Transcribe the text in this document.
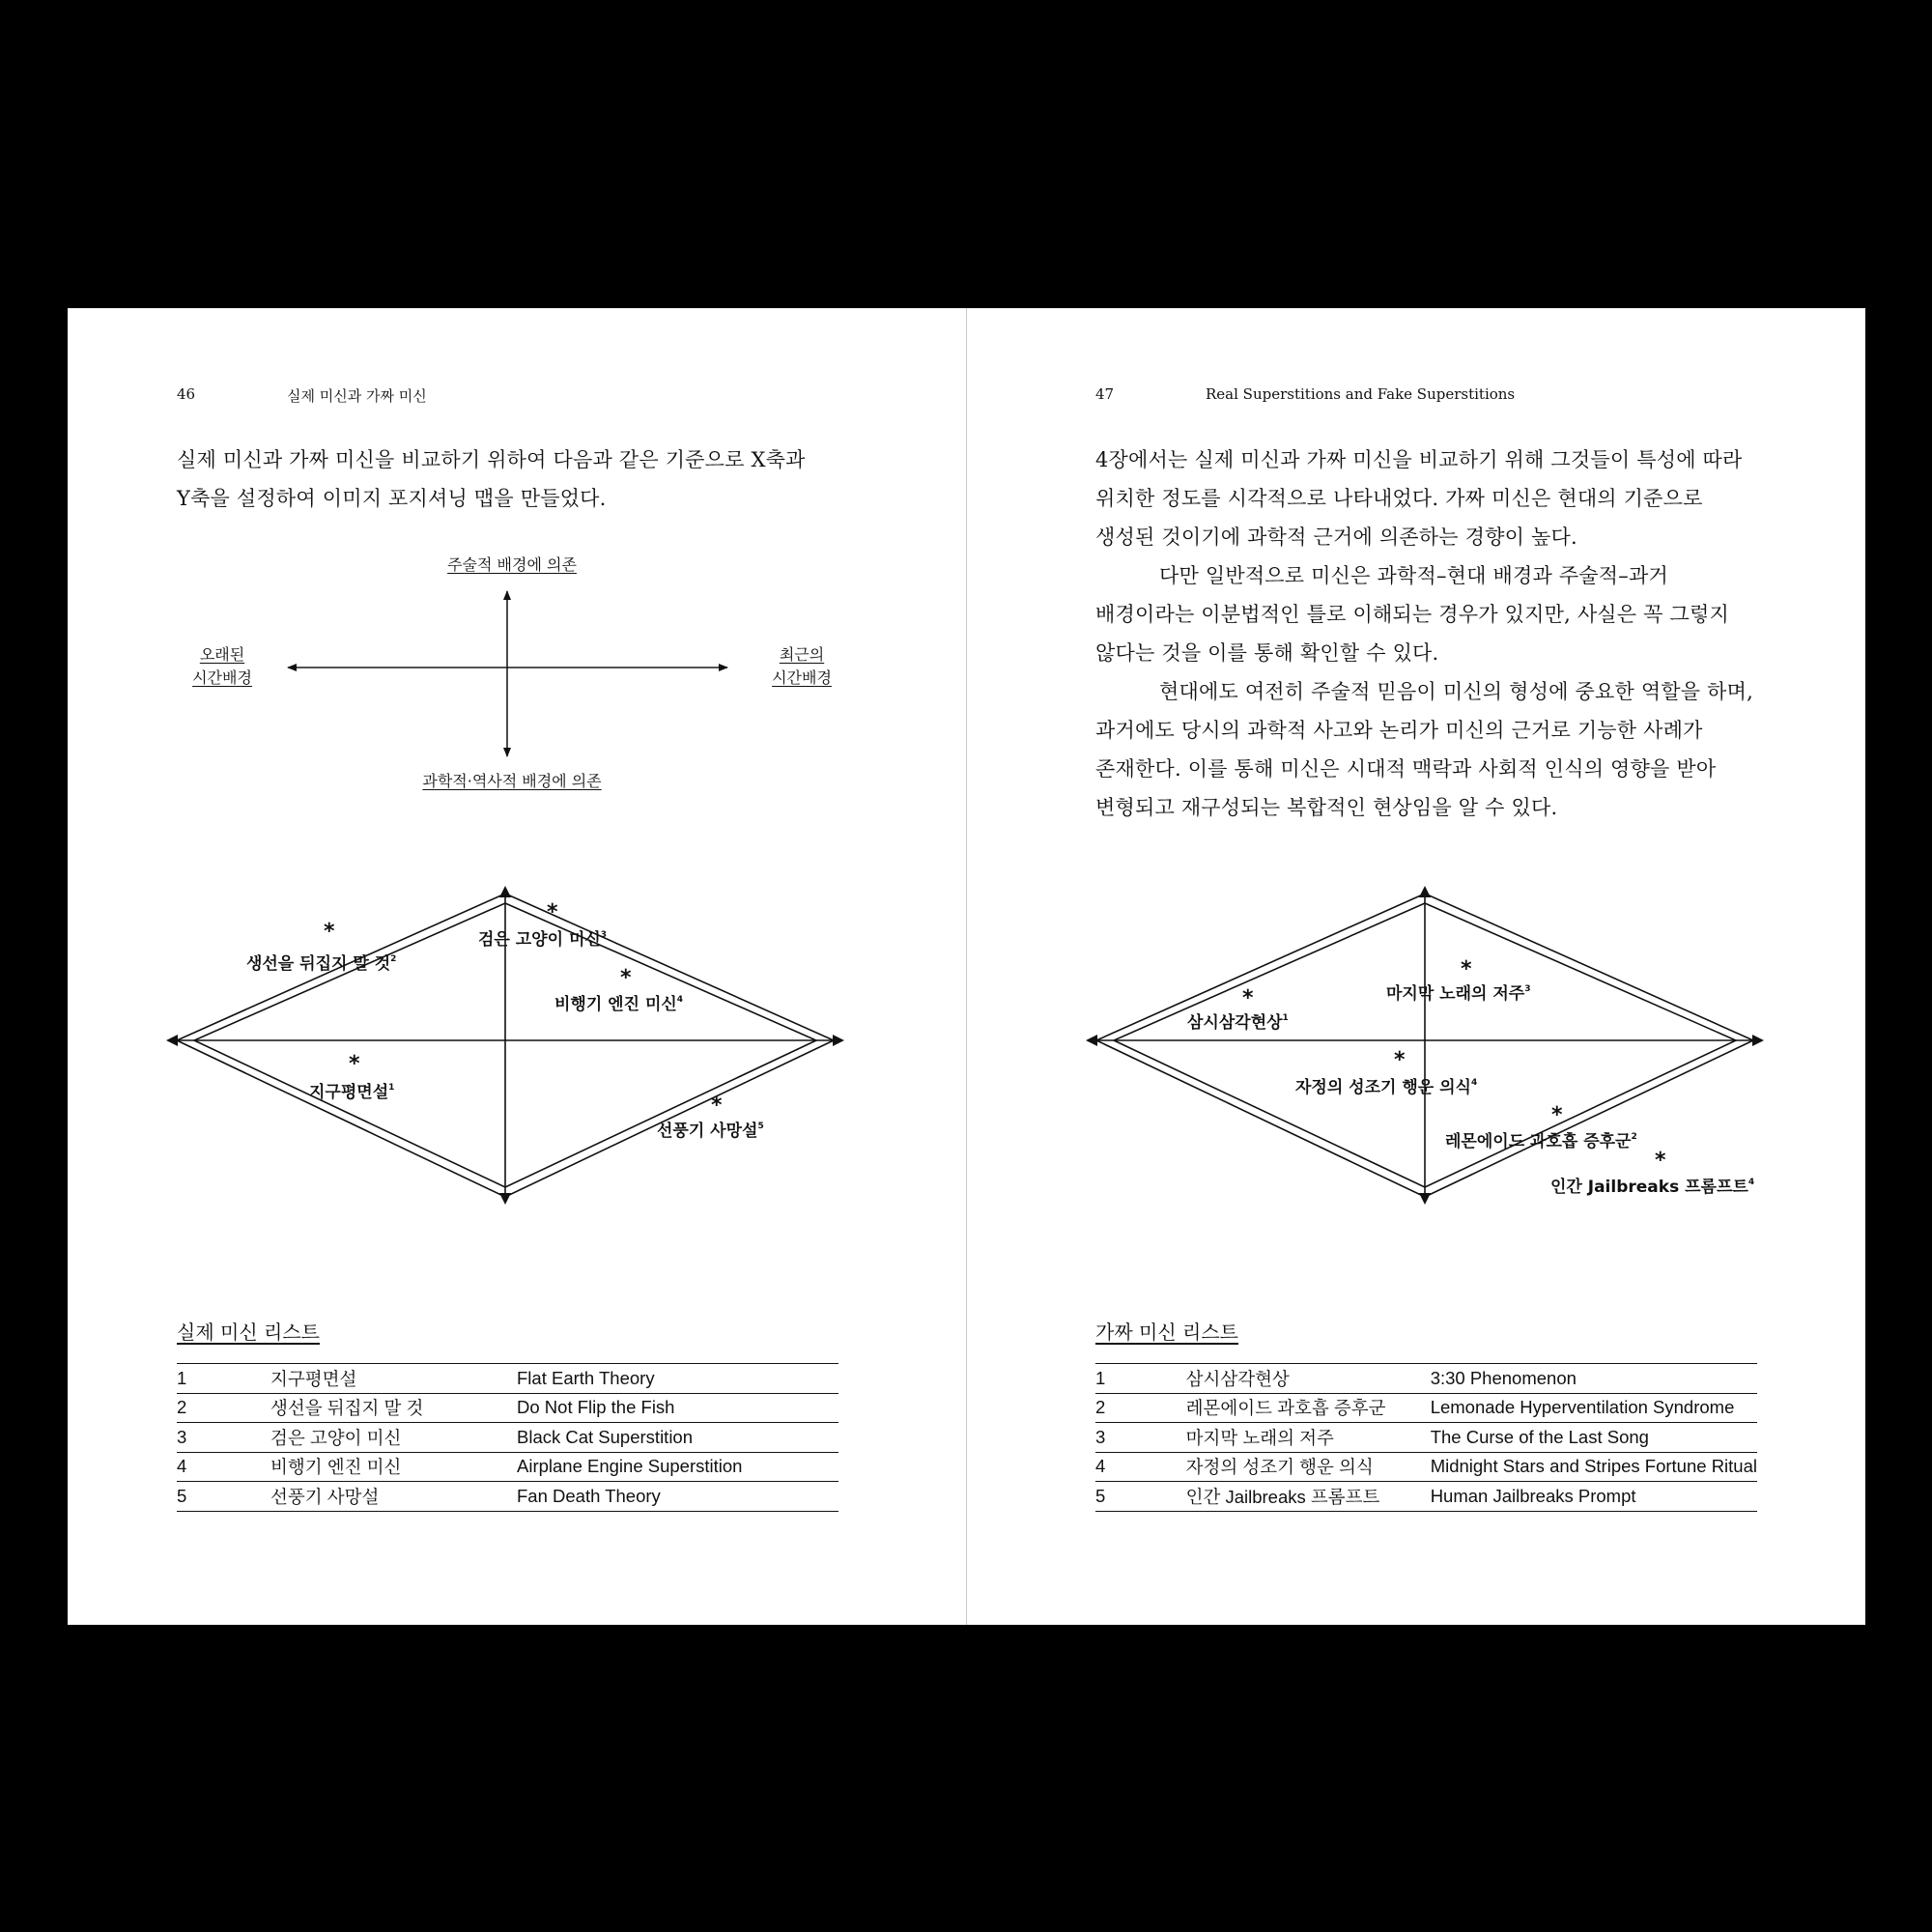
46	실제 미신과 가짜 미신

실제 미신과 가짜 미신을 비교하기 위하여 다음과 같은 기준으로 X축과

Y축을 설정하여 이미지 포지셔닝 맵을 만들었다.

주술적 배경에 의존
과학적·역사적 배경에 의존
오래된
시간배경
최근의
시간배경
*
검은 고양이 미신$^3$
*
생선을 뒤집지 말 것$^2$
*
비행기 엔진 미신$^4$
*
지구평면설$^1$
*
선풍기 사망설$^5$
실제 미신 리스트
1	지구평면설	Flat Earth Theory
2	생선을 뒤집지 말 것	Do Not Flip the Fish
3	검은 고양이 미신	Black Cat Superstition
4	비행기 엔진 미신	Airplane Engine Superstition
5	선풍기 사망설	Fan Death Theory
47	Real Superstitions and Fake Superstitions

4장에서는 실제 미신과 가짜 미신을 비교하기 위해 그것들이 특성에 따라

위치한 정도를 시각적으로 나타내었다. 가짜 미신은 현대의 기준으로

생성된 것이기에 과학적 근거에 의존하는 경향이 높다.

다만 일반적으로 미신은 과학적–현대 배경과 주술적–과거

배경이라는 이분법적인 틀로 이해되는 경우가 있지만, 사실은 꼭 그렇지

않다는 것을 이를 통해 확인할 수 있다.

현대에도 여전히 주술적 믿음이 미신의 형성에 중요한 역할을 하며,

과거에도 당시의 과학적 사고와 논리가 미신의 근거로 기능한 사례가

존재한다. 이를 통해 미신은 시대적 맥락과 사회적 인식의 영향을 받아

변형되고 재구성되는 복합적인 현상임을 알 수 있다.

*
삼시삼각현상$^1$
*
마지막 노래의 저주$^3$
*
자정의 성조기 행운 의식$^4$
*
레몬에이드 과호흡 증후군$^2$
*
인간 Jailbreaks 프롬프트$^4$
가짜 미신 리스트
1	삼시삼각현상	3:30 Phenomenon
2	레몬에이드 과호흡 증후군	Lemonade Hyperventilation Syndrome
3	마지막 노래의 저주	The Curse of the Last Song
4	자정의 성조기 행운 의식	Midnight Stars and Stripes Fortune Ritual
5	인간 Jailbreaks 프롬프트	Human Jailbreaks Prompt
